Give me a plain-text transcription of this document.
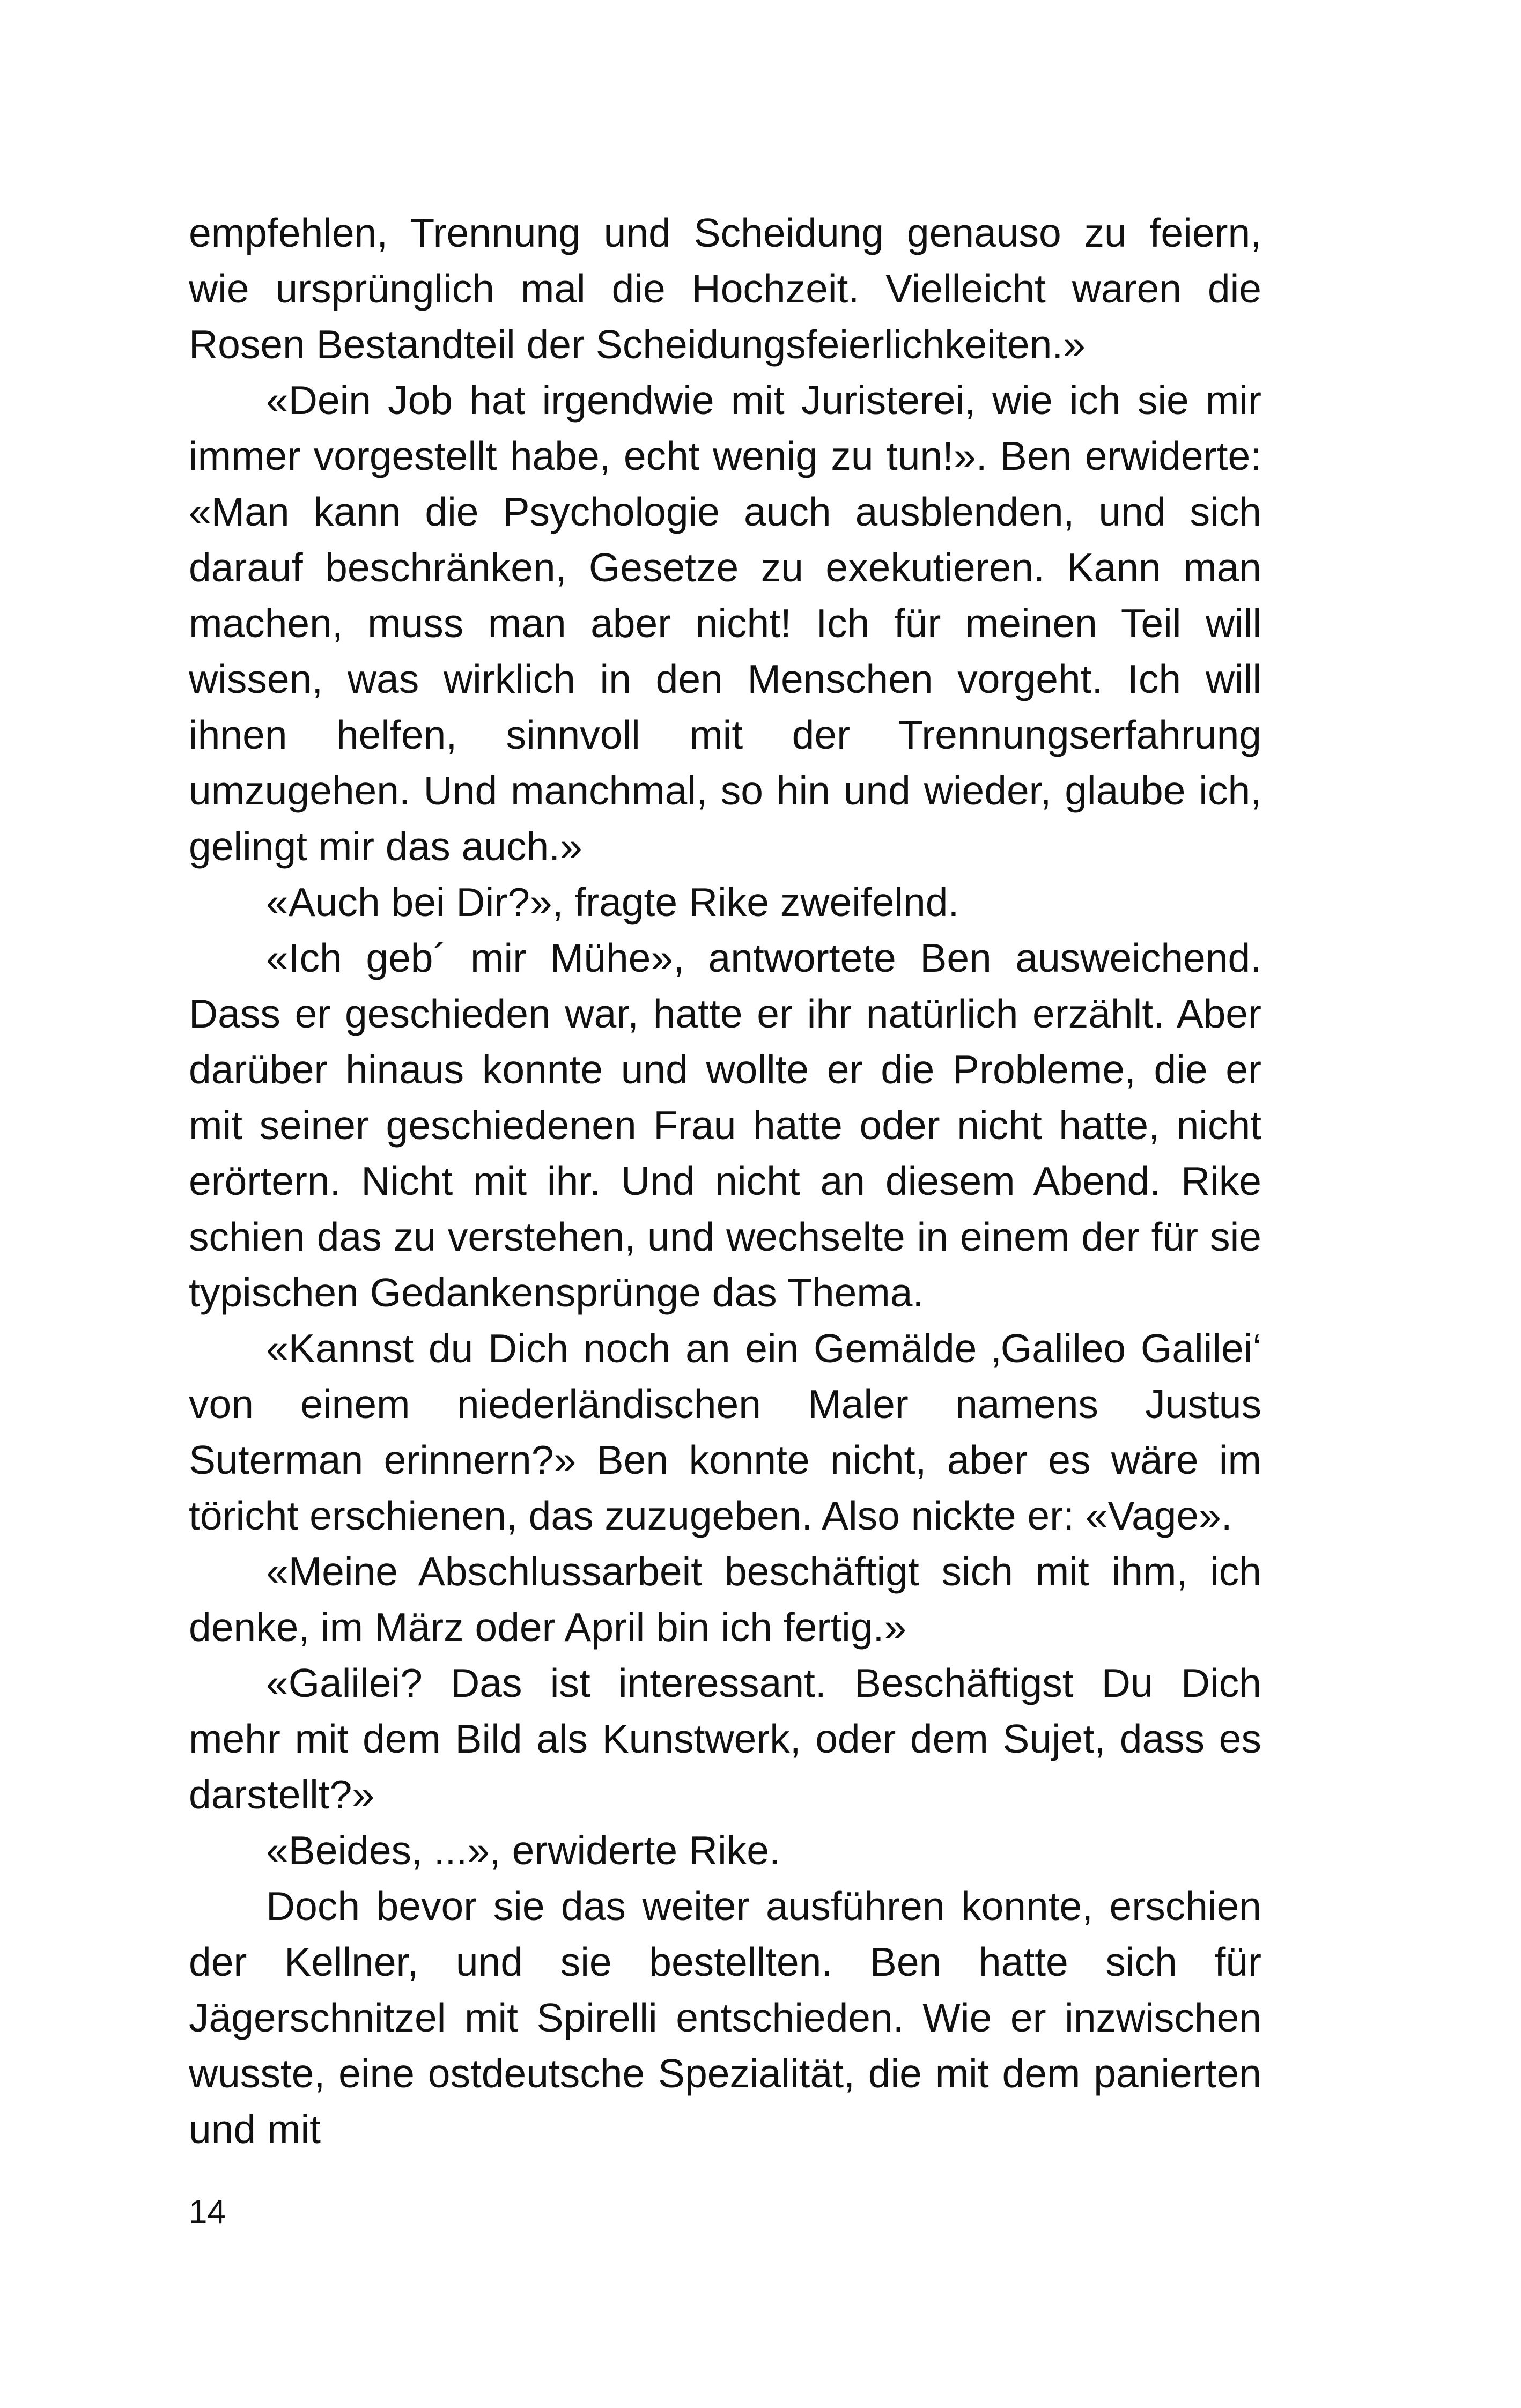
empfehlen, Trennung und Scheidung genauso zu feiern, wie ursprünglich mal die Hochzeit. Vielleicht waren die Rosen Bestandteil der Scheidungsfeierlichkeiten.»

«Dein Job hat irgendwie mit Juristerei, wie ich sie mir immer vorgestellt habe, echt wenig zu tun!». Ben erwiderte: «Man kann die Psychologie auch ausblenden, und sich darauf beschränken, Gesetze zu exekutieren. Kann man machen, muss man aber nicht! Ich für meinen Teil will wissen, was wirklich in den Menschen vorgeht. Ich will ihnen helfen, sinnvoll mit der Trennungserfahrung umzugehen. Und manchmal, so hin und wieder, glaube ich, gelingt mir das auch.»

«Auch bei Dir?», fragte Rike zweifelnd.

«Ich geb´ mir Mühe», antwortete Ben ausweichend. Dass er geschieden war, hatte er ihr natürlich erzählt. Aber darüber hinaus konnte und wollte er die Probleme, die er mit seiner geschiedenen Frau hatte oder nicht hatte, nicht erörtern. Nicht mit ihr. Und nicht an diesem Abend. Rike schien das zu verstehen, und wechselte in einem der für sie typischen Gedankensprünge das Thema.

«Kannst du Dich noch an ein Gemälde ‚Galileo Galilei‘ von einem niederländischen Maler namens Justus Suterman erinnern?» Ben konnte nicht, aber es wäre im töricht erschienen, das zuzugeben. Also nickte er: «Vage».

«Meine Abschlussarbeit beschäftigt sich mit ihm, ich denke, im März oder April bin ich fertig.»

«Galilei? Das ist interessant. Beschäftigst Du Dich mehr mit dem Bild als Kunstwerk, oder dem Sujet, dass es darstellt?»

«Beides, ...», erwiderte Rike.

Doch bevor sie das weiter ausführen konnte, erschien der Kellner, und sie bestellten. Ben hatte sich für Jägerschnitzel mit Spirelli entschieden. Wie er inzwischen wusste, eine ostdeutsche Spezialität, die mit dem panierten und mit

14
